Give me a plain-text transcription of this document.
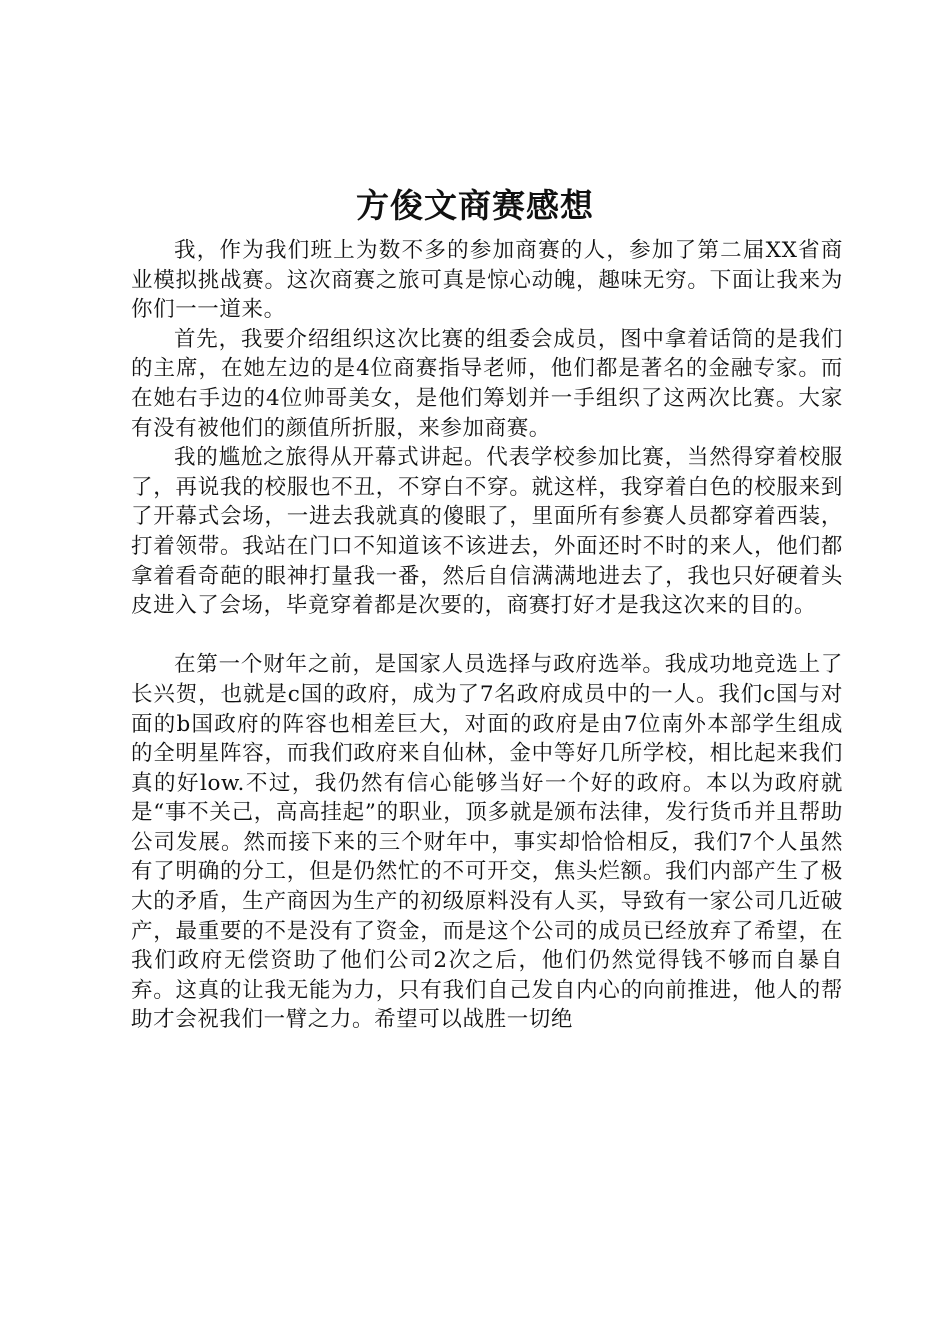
方俊文商赛感想

我，作为我们班上为数不多的参加商赛的人，参加了第二届XX省商业模拟挑战赛。这次商赛之旅可真是惊心动魄，趣味无穷。下面让我来为你们一一道来。

首先，我要介绍组织这次比赛的组委会成员，图中拿着话筒的是我们的主席，在她左边的是4位商赛指导老师，他们都是著名的金融专家。而在她右手边的4位帅哥美女，是他们筹划并一手组织了这两次比赛。大家有没有被他们的颜值所折服，来参加商赛。

我的尴尬之旅得从开幕式讲起。代表学校参加比赛，当然得穿着校服了，再说我的校服也不丑，不穿白不穿。就这样，我穿着白色的校服来到了开幕式会场，一进去我就真的傻眼了，里面所有参赛人员都穿着西装，打着领带。我站在门口不知道该不该进去，外面还时不时的来人，他们都拿着看奇葩的眼神打量我一番，然后自信满满地进去了，我也只好硬着头皮进入了会场，毕竟穿着都是次要的，商赛打好才是我这次来的目的。

在第一个财年之前，是国家人员选择与政府选举。我成功地竞选上了长兴贺，也就是c国的政府，成为了7名政府成员中的一人。我们c国与对面的b国政府的阵容也相差巨大，对面的政府是由7位南外本部学生组成的全明星阵容，而我们政府来自仙林，金中等好几所学校，相比起来我们真的好low.不过，我仍然有信心能够当好一个好的政府。本以为政府就是“事不关己，高高挂起”的职业，顶多就是颁布法律，发行货币并且帮助公司发展。然而接下来的三个财年中，事实却恰恰相反，我们7个人虽然有了明确的分工，但是仍然忙的不可开交，焦头烂额。我们内部产生了极大的矛盾，生产商因为生产的初级原料没有人买，导致有一家公司几近破产，最重要的不是没有了资金，而是这个公司的成员已经放弃了希望，在我们政府无偿资助了他们公司2次之后，他们仍然觉得钱不够而自暴自弃。这真的让我无能为力，只有我们自己发自内心的向前推进，他人的帮助才会祝我们一臂之力。希望可以战胜一切绝
